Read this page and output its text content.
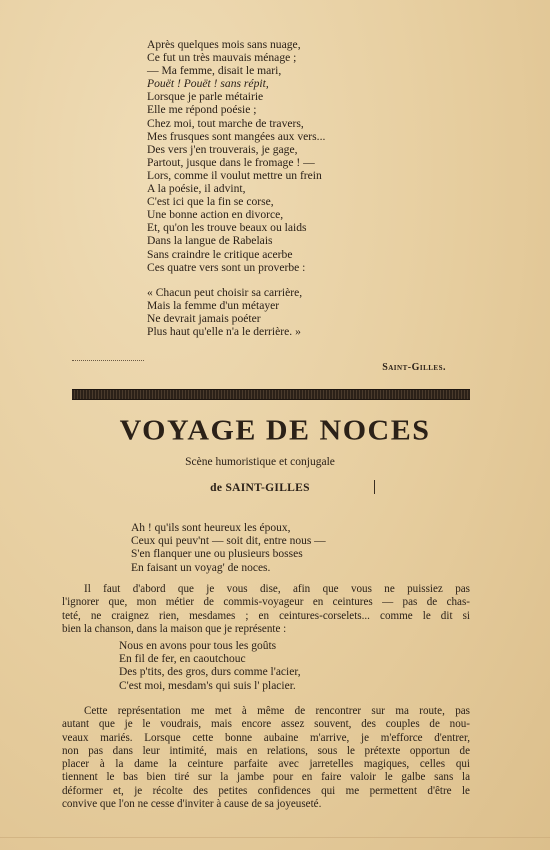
Après quelques mois sans nuage,
Ce fut un très mauvais ménage ;
— Ma femme, disait le mari,
Pouët ! Pouët ! sans répit,
Lorsque je parle métairie
Elle me répond poésie ;
Chez moi, tout marche de travers,
Mes frusques sont mangées aux vers...
Des vers j'en trouverais, je gage,
Partout, jusque dans le fromage ! —
Lors, comme il voulut mettre un frein
A la poésie, il advint,
C'est ici que la fin se corse,
Une bonne action en divorce,
Et, qu'on les trouve beaux ou laids
Dans la langue de Rabelais
Sans craindre le critique acerbe
Ces quatre vers sont un proverbe :
« Chacun peut choisir sa carrière,
Mais la femme d'un métayer
Ne devrait jamais poéter
Plus haut qu'elle n'a le derrière. »
Saint-Gilles.
VOYAGE DE NOCES
Scène humoristique et conjugale
de SAINT-GILLES
Ah ! qu'ils sont heureux les époux,
Ceux qui peuv'nt — soit dit, entre nous —
S'en flanquer une ou plusieurs bosses
En faisant un voyag' de noces.
Il faut d'abord que je vous dise, afin que vous ne puissiez pas
l'ignorer que, mon métier de commis-voyageur en ceintures — pas de chas-
teté, ne craignez rien, mesdames ; en ceintures-corselets... comme le dit si
bien la chanson, dans la maison que je représente :
Nous en avons pour tous les goûts
En fil de fer, en caoutchouc
Des p'tits, des gros, durs comme l'acier,
C'est moi, mesdam's qui suis l' placier.
Cette représentation me met à même de rencontrer sur ma route, pas
autant que je le voudrais, mais encore assez souvent, des couples de nou-
veaux mariés. Lorsque cette bonne aubaine m'arrive, je m'efforce d'entrer,
non pas dans leur intimité, mais en relations, sous le prétexte opportun de
placer à la dame la ceinture parfaite avec jarretelles magiques, celles qui
tiennent le bas bien tiré sur la jambe pour en faire valoir le galbe sans la
déformer et, je récolte des petites confidences qui me permettent d'être le
convive que l'on ne cesse d'inviter à cause de sa joyeuseté.
